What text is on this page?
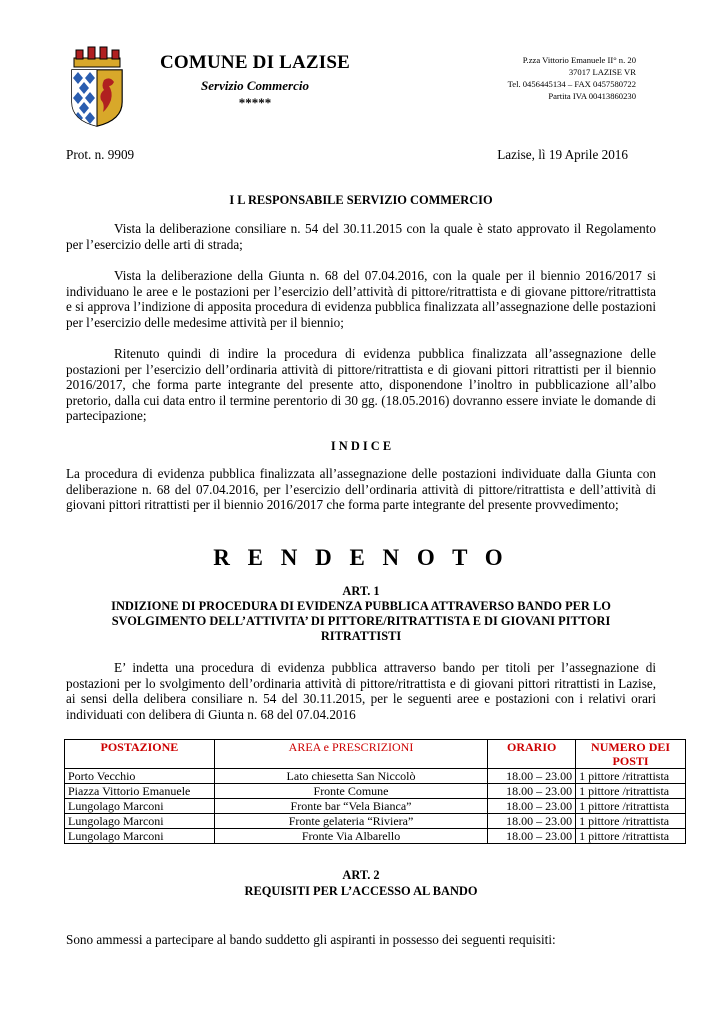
COMUNE DI LAZISE
Servizio Commercio
*****
P.zza Vittorio Emanuele II° n. 20
37017 LAZISE VR
Tel. 0456445134 – FAX 0457580722
Partita IVA 00413860230
Prot. n. 9909	Lazise, lì 19 Aprile 2016
I L RESPONSABILE SERVIZIO COMMERCIO
Vista la deliberazione consiliare n. 54 del 30.11.2015 con la quale è stato approvato il Regolamento per l’esercizio delle arti di strada;
Vista la deliberazione della Giunta n. 68 del 07.04.2016, con la quale per il biennio 2016/2017 si individuano le aree e le postazioni per l’esercizio dell’attività di pittore/ritrattista e di giovane pittore/ritrattista e si approva l’indizione di apposita procedura di evidenza pubblica finalizzata all’assegnazione delle postazioni per l’esercizio delle medesime attività per il biennio;
Ritenuto quindi di indire la procedura di evidenza pubblica finalizzata all’assegnazione delle postazioni per l’esercizio dell’ordinaria attività di pittore/ritrattista e di giovani pittori ritrattisti per il biennio 2016/2017, che forma parte integrante del presente atto, disponendone l’inoltro in pubblicazione all’albo pretorio, dalla cui data entro il termine perentorio di 30 gg. (18.05.2016) dovranno essere inviate le domande di partecipazione;
I N D I C E
La procedura di evidenza pubblica finalizzata all’assegnazione delle postazioni individuate dalla Giunta con deliberazione n. 68 del 07.04.2016, per l’esercizio dell’ordinaria attività di pittore/ritrattista e dell’attività di giovani pittori ritrattisti per il biennio 2016/2017 che forma parte integrante del presente provvedimento;
R E N D E N O T O
ART. 1
INDIZIONE DI PROCEDURA DI EVIDENZA PUBBLICA ATTRAVERSO BANDO PER LO SVOLGIMENTO DELL’ATTIVITA’ DI PITTORE/RITRATTISTA E DI GIOVANI PITTORI RITRATTISTI
E’ indetta una procedura di evidenza pubblica attraverso bando per titoli per l’assegnazione di postazioni per lo svolgimento dell’ordinaria attività di pittore/ritrattista e di giovani pittori ritrattisti in Lazise, ai sensi della delibera consiliare n. 54 del 30.11.2015, per le seguenti aree e postazioni con i relativi orari individuati con delibera di Giunta n. 68 del 07.04.2016
POSTAZIONE	AREA e PRESCRIZIONI	ORARIO	NUMERO DEI POSTI
Porto Vecchio	Lato chiesetta San Niccolò	18.00 – 23.00	1 pittore /ritrattista
Piazza Vittorio Emanuele	Fronte Comune	18.00 – 23.00	1 pittore /ritrattista
Lungolago Marconi	Fronte bar “Vela Bianca”	18.00 – 23.00	1 pittore /ritrattista
Lungolago Marconi	Fronte gelateria “Riviera”	18.00 – 23.00	1 pittore /ritrattista
Lungolago Marconi	Fronte Via Albarello	18.00 – 23.00	1 pittore /ritrattista
ART. 2
REQUISITI PER L’ACCESSO AL BANDO
Sono ammessi a partecipare al bando suddetto gli aspiranti in possesso dei seguenti requisiti:
